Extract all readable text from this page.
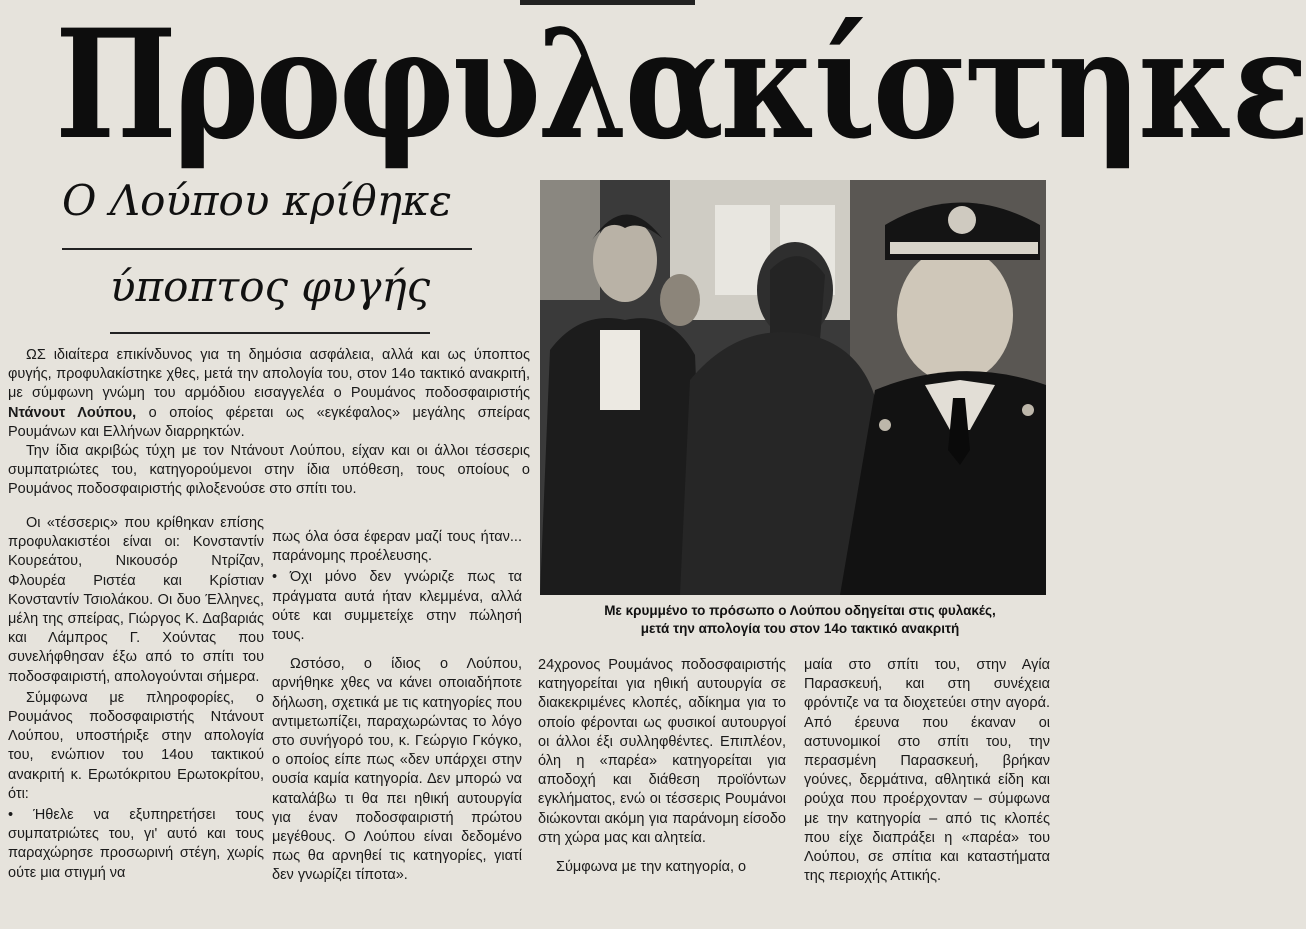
Προφυλακίστηκε
Ο Λούπου κρίθηκε
ύποπτος φυγής

ΩΣ ιδιαίτερα επικίνδυνος για τη δημόσια ασφάλεια, αλλά και ως ύποπτος φυγής, προφυλακίστηκε χθες, μετά την απολογία του, στον 14ο τακτικό ανακριτή, με σύμφωνη γνώμη του αρμόδιου εισαγγελέα ο Ρουμάνος ποδοσφαιριστής Ντάνουτ Λούπου, ο οποίος φέρεται ως «εγκέφαλος» μεγάλης σπείρας Ρουμάνων και Ελλήνων διαρρηκτών.

Την ίδια ακριβώς τύχη με τον Ντάνουτ Λούπου, είχαν και οι άλλοι τέσσερις συμπατριώτες του, κατηγορούμενοι στην ίδια υπόθεση, τους οποίους ο Ρουμάνος ποδοσφαιριστής φιλοξενούσε στο σπίτι του.

Οι «τέσσερις» που κρίθηκαν επίσης προφυλακιστέοι είναι οι: Κονσταντίν Κουρεάτου, Νικουσόρ Ντρίζαν, Φλουρέα Ριστέα και Κρίστιαν Κονσταντίν Τσιολάκου. Οι δυο Έλληνες, μέλη της σπείρας, Γιώργος Κ. Δαβαριάς και Λάμπρος Γ. Χούντας που συνελήφθησαν έξω από το σπίτι του ποδοσφαιριστή, απολογούνται σήμερα.

Σύμφωνα με πληροφορίες, ο Ρουμάνος ποδοσφαιριστής Ντάνουτ Λούπου, υποστήριξε στην απολογία του, ενώπιον του 14ου τακτικού ανακριτή κ. Ερωτόκριτου Ερωτοκρίτου, ότι:

• Ήθελε να εξυπηρετήσει τους συμπατριώτες του, γι' αυτό και τους παραχώρησε προσωρινή στέγη, χωρίς ούτε μια στιγμή να

πως όλα όσα έφεραν μαζί τους ήταν... παράνομης προέλευσης.

• Όχι μόνο δεν γνώριζε πως τα πράγματα αυτά ήταν κλεμμένα, αλλά ούτε και συμμετείχε στην πώλησή τους.

Ωστόσο, ο ίδιος ο Λούπου, αρνήθηκε χθες να κάνει οποιαδήποτε δήλωση, σχετικά με τις κατηγορίες που αντιμετωπίζει, παραχωρώντας το λόγο στο συνήγορό του, κ. Γεώργιο Γκόγκο, ο οποίος είπε πως «δεν υπάρχει στην ουσία καμία κατηγορία. Δεν μπορώ να καταλάβω τι θα πει ηθική αυτουργία για έναν ποδοσφαιριστή πρώτου μεγέθους. Ο Λούπου είναι δεδομένο πως θα αρνηθεί τις κατηγορίες, γιατί δεν γνωρίζει τίποτα».

24χρονος Ρουμάνος ποδοσφαιριστής κατηγορείται για ηθική αυτουργία σε διακεκριμένες κλοπές, αδίκημα για το οποίο φέρονται ως φυσικοί αυτουργοί οι άλλοι έξι συλληφθέντες. Επιπλέον, όλη η «παρέα» κατηγορείται για αποδοχή και διάθεση προϊόντων εγκλήματος, ενώ οι τέσσερις Ρουμάνοι διώκονται ακόμη για παράνομη είσοδο στη χώρα μας και αλητεία.

Σύμφωνα με την κατηγορία, ο

μαία στο σπίτι του, στην Αγία Παρασκευή, και στη συνέχεια φρόντιζε να τα διοχετεύει στην αγορά. Από έρευνα που έκαναν οι αστυνομικοί στο σπίτι του, την περασμένη Παρασκευή, βρήκαν γούνες, δερμάτινα, αθλητικά είδη και ρούχα που προέρχονταν – σύμφωνα με την κατηγορία – από τις κλοπές που είχε διαπράξει η «παρέα» του Λούπου, σε σπίτια και καταστήματα της περιοχής Αττικής.

Με κρυμμένο το πρόσωπο ο Λούπου οδηγείται στις φυλακές,
μετά την απολογία του στον 14ο τακτικό ανακριτή
